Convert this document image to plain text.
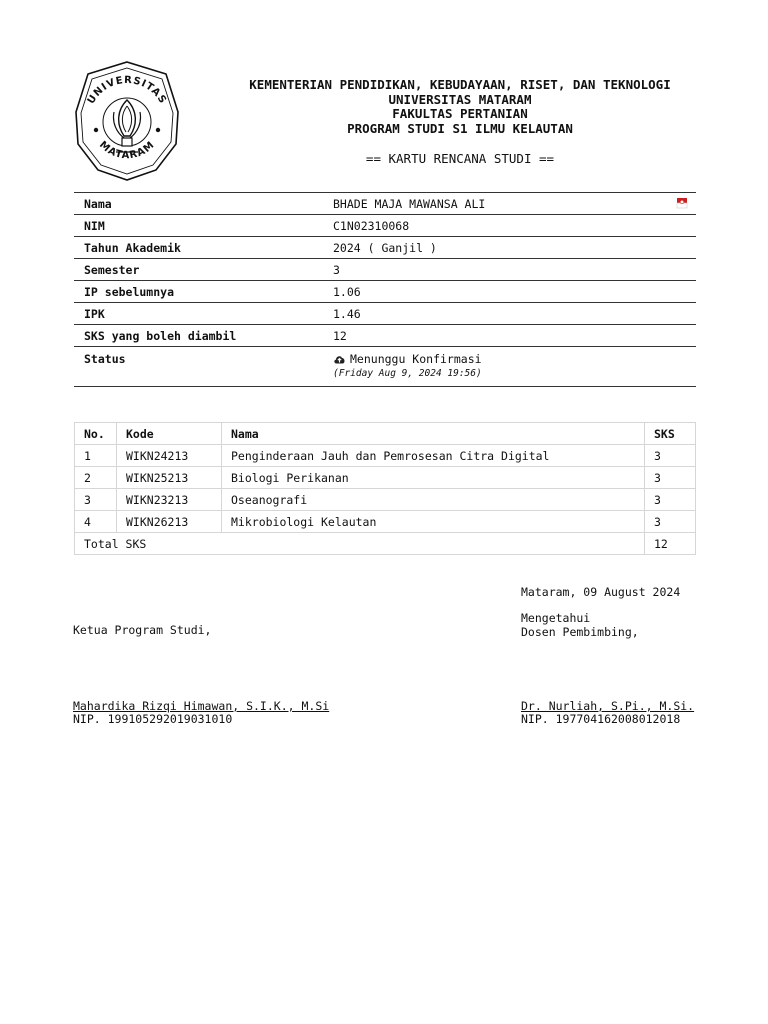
UNIVERSITAS
MATARAM
KEMENTERIAN PENDIDIKAN, KEBUDAYAAN, RISET, DAN TEKNOLOGI
UNIVERSITAS MATARAM
FAKULTAS PERTANIAN
PROGRAM STUDI S1 ILMU KELAUTAN
== KARTU RENCANA STUDI ==
Nama	BHADE MAJA MAWANSA ALI
NIM	C1N02310068
Tahun Akademik	2024 ( Ganjil )
Semester	3
IP sebelumnya	1.06
IPK	1.46
SKS yang boleh diambil	12
Status	Menunggu Konfirmasi
(Friday Aug 9, 2024 19:56)
No.	Kode	Nama	SKS
1	WIKN24213	Penginderaan Jauh dan Pemrosesan Citra Digital	3
2	WIKN25213	Biologi Perikanan	3
3	WIKN23213	Oseanografi	3
4	WIKN26213	Mikrobiologi Kelautan	3
Total SKS			12
Mataram, 09 August 2024
Mengetahui
Dosen Pembimbing,
Ketua Program Studi,
Mahardika Rizqi Himawan, S.I.K., M.Si
NIP. 199105292019031010
Dr. Nurliah, S.Pi., M.Si.
NIP. 197704162008012018
